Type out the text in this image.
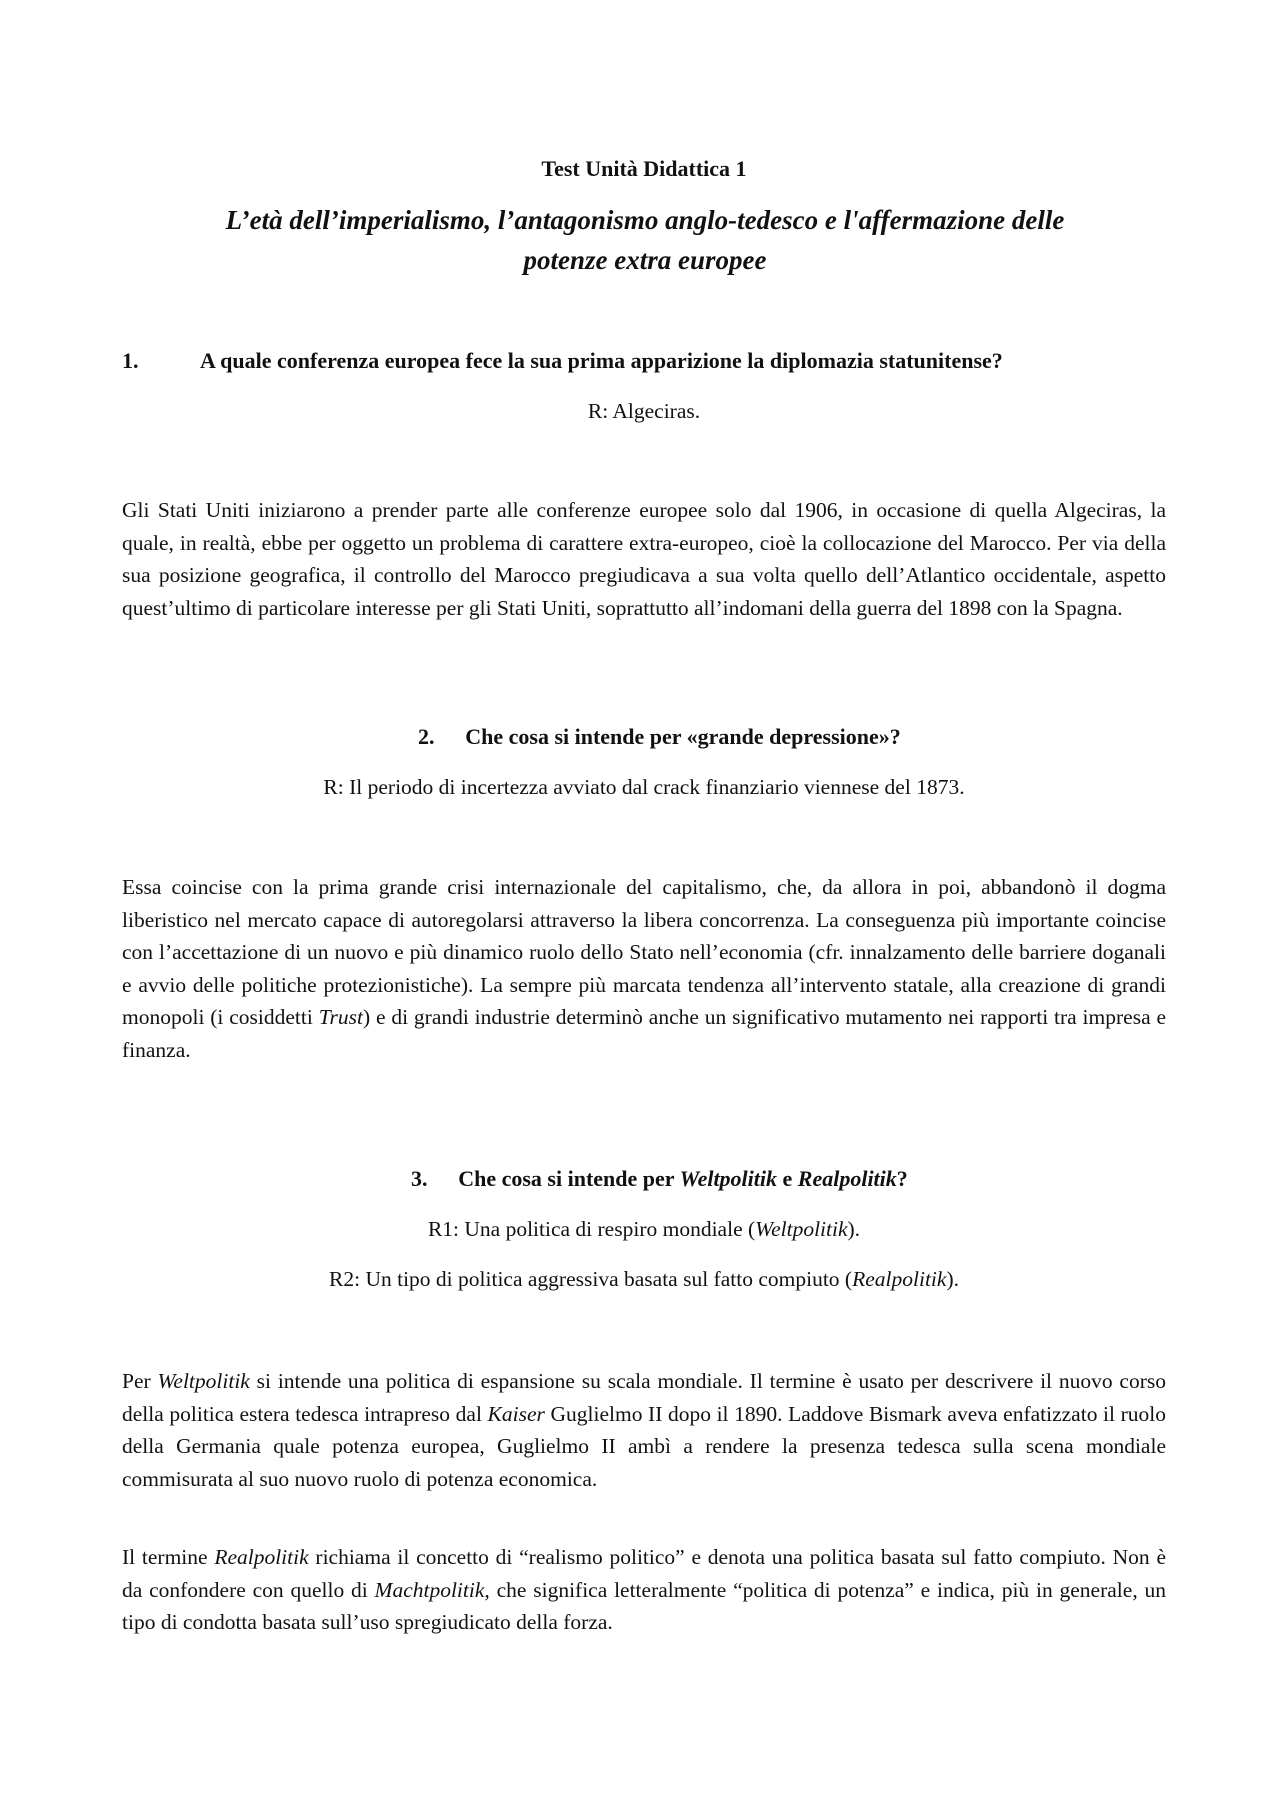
Test Unità Didattica 1
L’età dell’imperialismo, l’antagonismo anglo-tedesco e l'affermazione delle
potenze extra europee
1.	A quale conferenza europea fece la sua prima apparizione la diplomazia statunitense?
R: Algeciras.
Gli Stati Uniti iniziarono a prender parte alle conferenze europee solo dal 1906, in occasione di quella Algeciras, la quale, in realtà, ebbe per oggetto un problema di carattere extra-europeo, cioè la collocazione del Marocco. Per via della sua posizione geografica, il controllo del Marocco pregiudicava a sua volta quello dell’Atlantico occidentale, aspetto quest’ultimo di particolare interesse per gli Stati Uniti, soprattutto all’indomani della guerra del 1898 con la Spagna.
2. Che cosa si intende per «grande depressione»?
R: Il periodo di incertezza avviato dal crack finanziario viennese del 1873.
Essa coincise con la prima grande crisi internazionale del capitalismo, che, da allora in poi, abbandonò il dogma liberistico nel mercato capace di autoregolarsi attraverso la libera concorrenza. La conseguenza più importante coincise con l’accettazione di un nuovo e più dinamico ruolo dello Stato nell’economia (cfr. innalzamento delle barriere doganali e avvio delle politiche protezionistiche). La sempre più marcata tendenza all’intervento statale, alla creazione di grandi monopoli (i cosiddetti Trust) e di grandi industrie determinò anche un significativo mutamento nei rapporti tra impresa e finanza.
3. Che cosa si intende per Weltpolitik e Realpolitik?
R1: Una politica di respiro mondiale (Weltpolitik).
R2: Un tipo di politica aggressiva basata sul fatto compiuto (Realpolitik).
Per Weltpolitik si intende una politica di espansione su scala mondiale. Il termine è usato per descrivere il nuovo corso della politica estera tedesca intrapreso dal Kaiser Guglielmo II dopo il 1890. Laddove Bismark aveva enfatizzato il ruolo della Germania quale potenza europea, Guglielmo II ambì a rendere la presenza tedesca sulla scena mondiale commisurata al suo nuovo ruolo di potenza economica.
Il termine Realpolitik richiama il concetto di “realismo politico” e denota una politica basata sul fatto compiuto. Non è da confondere con quello di Machtpolitik, che significa letteralmente “politica di potenza” e indica, più in generale, un tipo di condotta basata sull’uso spregiudicato della forza.
